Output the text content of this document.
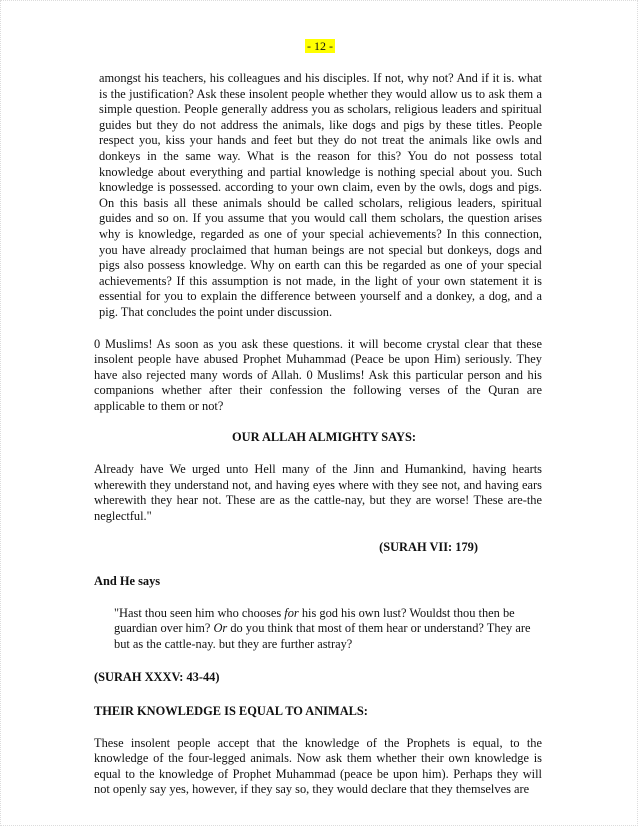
- 12 -

amongst his teachers, his colleagues and his disciples. If not, why not? And if it is. what is the justification? Ask these insolent people whether they would allow us to ask them a simple question. People generally address you as scholars, religious leaders and spiritual guides but they do not address the animals, like dogs and pigs by these titles. People respect you, kiss your hands and feet but they do not treat the animals like owls and donkeys in the same way. What is the reason for this? You do not possess total knowledge about everything and partial knowledge is nothing special about you. Such knowledge is possessed. according to your own claim, even by the owls, dogs and pigs. On this basis all these animals should be called scholars, religious leaders, spiritual guides and so on. If you assume that you would call them scholars, the question arises why is knowledge, regarded as one of your special achievements? In this connection, you have already proclaimed that human beings are not special but donkeys, dogs and pigs also possess knowledge. Why on earth can this be regarded as one of your special achievements? If this assumption is not made, in the light of your own statement it is essential for you to explain the difference between yourself and a donkey, a dog, and a pig. That concludes the point under discussion.

0 Muslims! As soon as you ask these questions. it will become crystal clear that these insolent people have abused Prophet Muhammad (Peace be upon Him) seriously. They have also rejected many words of Allah. 0 Muslims! Ask this particular person and his companions whether after their confession the following verses of the Quran are applicable to them or not?

OUR ALLAH ALMIGHTY SAYS:

Already have We urged unto Hell many of the Jinn and Humankind, having hearts wherewith they understand not, and having eyes where with they see not, and having ears wherewith they hear not. These are as the cattle-nay, but they are worse! These are-the neglectful."

(SURAH VII: 179)

And He says

"Hast thou seen him who chooses for his god his own lust? Wouldst thou then be guardian over him? Or do you think that most of them hear or understand? They are but as the cattle-nay. but they are further astray?

(SURAH XXXV: 43-44)

THEIR KNOWLEDGE IS EQUAL TO ANIMALS:

These insolent people accept that the knowledge of the Prophets is equal, to the knowledge of the four-legged animals. Now ask them whether their own knowledge is equal to the knowledge of Prophet Muhammad (peace be upon him). Perhaps they will not openly say yes, however, if they say so, they would declare that they themselves are
